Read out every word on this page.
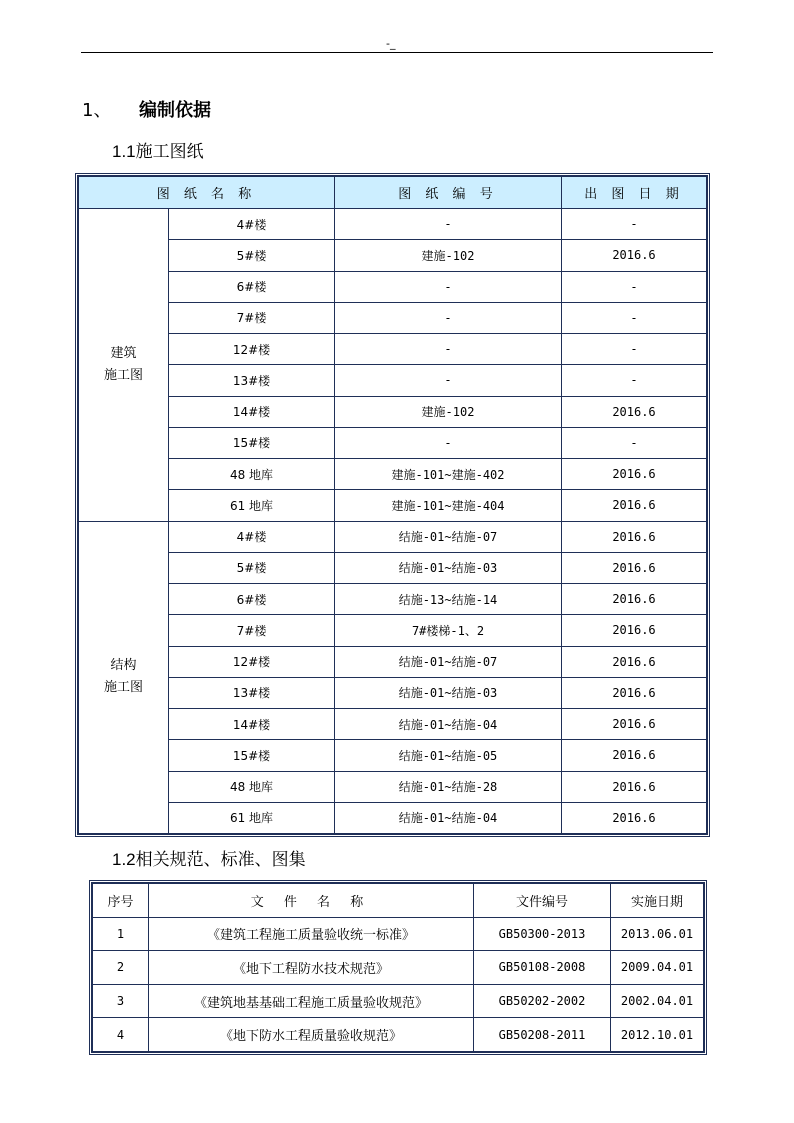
-_
1、 编制依据
1.1施工图纸
图 纸 名 称		图 纸 编 号	出 图 日 期

建筑
施工图	4#楼	-	-
	5#楼	建施-102	2016.6
	6#楼	-	-
	7#楼	-	-
	12#楼	-	-
	13#楼	-	-
	14#楼	建施-102	2016.6
	15#楼	-	-
	48 地库	建施-101~建施-402	2016.6
	61 地库	建施-101~建施-404	2016.6

结构
施工图	4#楼	结施-01~结施-07	2016.6
	5#楼	结施-01~结施-03	2016.6
	6#楼	结施-13~结施-14	2016.6
	7#楼	7#楼梯-1、2	2016.6
	12#楼	结施-01~结施-07	2016.6
	13#楼	结施-01~结施-03	2016.6
	14#楼	结施-01~结施-04	2016.6
	15#楼	结施-01~结施-05	2016.6
	48 地库	结施-01~结施-28	2016.6
	61 地库	结施-01~结施-04	2016.6
1.2相关规范、标准、图集
序号	文 件 名 称	文件编号	实施日期
1	《建筑工程施工质量验收统一标准》	GB50300-2013	2013.06.01
2	《地下工程防水技术规范》	GB50108-2008	2009.04.01
3	《建筑地基基础工程施工质量验收规范》	GB50202-2002	2002.04.01
4	《地下防水工程质量验收规范》	GB50208-2011	2012.10.01
